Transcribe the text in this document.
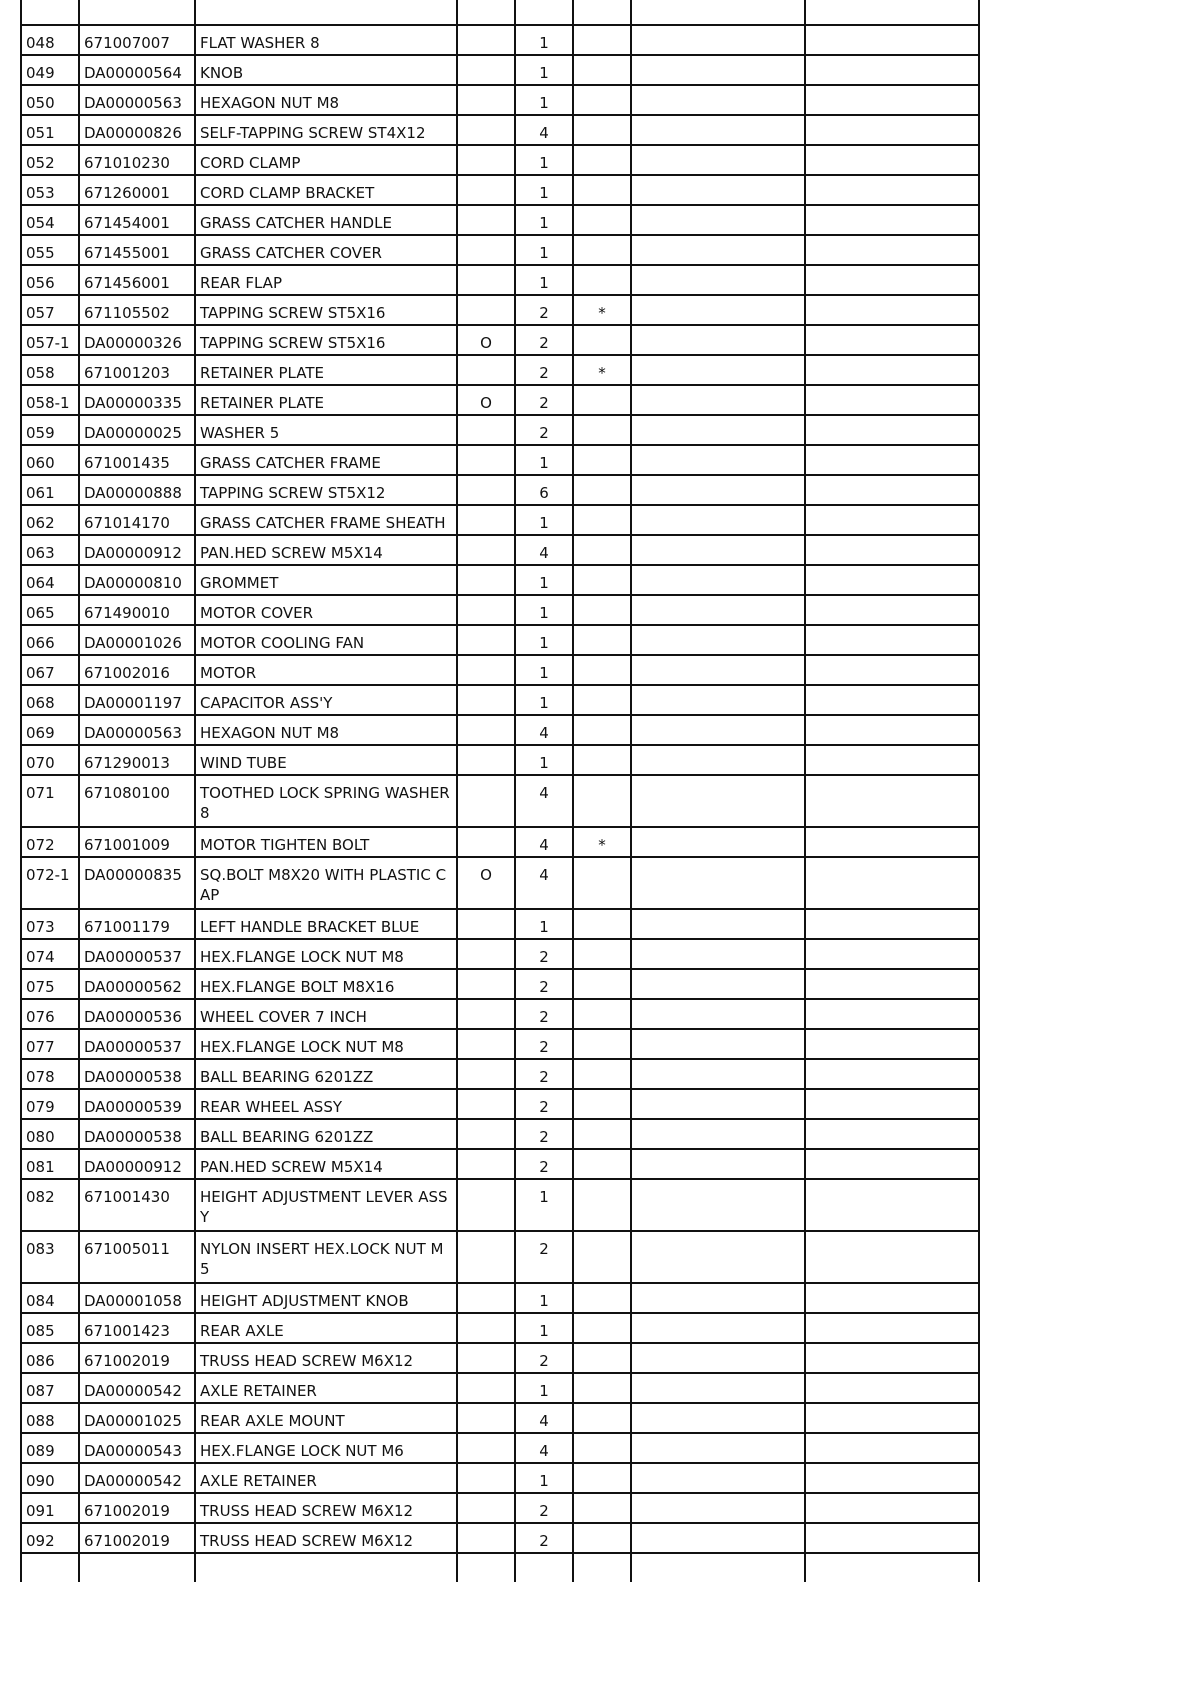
048	671007007	FLAT WASHER 8		1			
049	DA00000564	KNOB		1			
050	DA00000563	HEXAGON NUT M8		1			
051	DA00000826	SELF-TAPPING SCREW ST4X12		4			
052	671010230	CORD CLAMP		1			
053	671260001	CORD CLAMP BRACKET		1			
054	671454001	GRASS CATCHER HANDLE		1			
055	671455001	GRASS CATCHER COVER		1			
056	671456001	REAR FLAP		1			
057	671105502	TAPPING SCREW ST5X16		2	*		
057-1	DA00000326	TAPPING SCREW ST5X16	O	2			
058	671001203	RETAINER PLATE		2	*		
058-1	DA00000335	RETAINER PLATE	O	2			
059	DA00000025	WASHER 5		2			
060	671001435	GRASS CATCHER FRAME		1			
061	DA00000888	TAPPING SCREW ST5X12		6			
062	671014170	GRASS CATCHER FRAME SHEATH		1			
063	DA00000912	PAN.HED SCREW M5X14		4			
064	DA00000810	GROMMET		1			
065	671490010	MOTOR COVER		1			
066	DA00001026	MOTOR COOLING FAN		1			
067	671002016	MOTOR		1			
068	DA00001197	CAPACITOR ASS'Y		1			
069	DA00000563	HEXAGON NUT M8		4			
070	671290013	WIND TUBE		1			
071	671080100	TOOTHED LOCK SPRING WASHER 8		4			
072	671001009	MOTOR TIGHTEN BOLT		4	*		
072-1	DA00000835	SQ.BOLT M8X20 WITH PLASTIC CAP	O	4			
073	671001179	LEFT HANDLE BRACKET BLUE		1			
074	DA00000537	HEX.FLANGE LOCK NUT M8		2			
075	DA00000562	HEX.FLANGE BOLT M8X16		2			
076	DA00000536	WHEEL COVER 7 INCH		2			
077	DA00000537	HEX.FLANGE LOCK NUT M8		2			
078	DA00000538	BALL BEARING 6201ZZ		2			
079	DA00000539	REAR WHEEL ASSY		2			
080	DA00000538	BALL BEARING 6201ZZ		2			
081	DA00000912	PAN.HED SCREW M5X14		2			
082	671001430	HEIGHT ADJUSTMENT LEVER ASSY		1			
083	671005011	NYLON INSERT HEX.LOCK NUT M5		2			
084	DA00001058	HEIGHT ADJUSTMENT KNOB		1			
085	671001423	REAR AXLE		1			
086	671002019	TRUSS HEAD SCREW M6X12		2			
087	DA00000542	AXLE RETAINER		1			
088	DA00001025	REAR AXLE MOUNT		4			
089	DA00000543	HEX.FLANGE LOCK NUT M6		4			
090	DA00000542	AXLE RETAINER		1			
091	671002019	TRUSS HEAD SCREW M6X12		2			
092	671002019	TRUSS HEAD SCREW M6X12		2			
